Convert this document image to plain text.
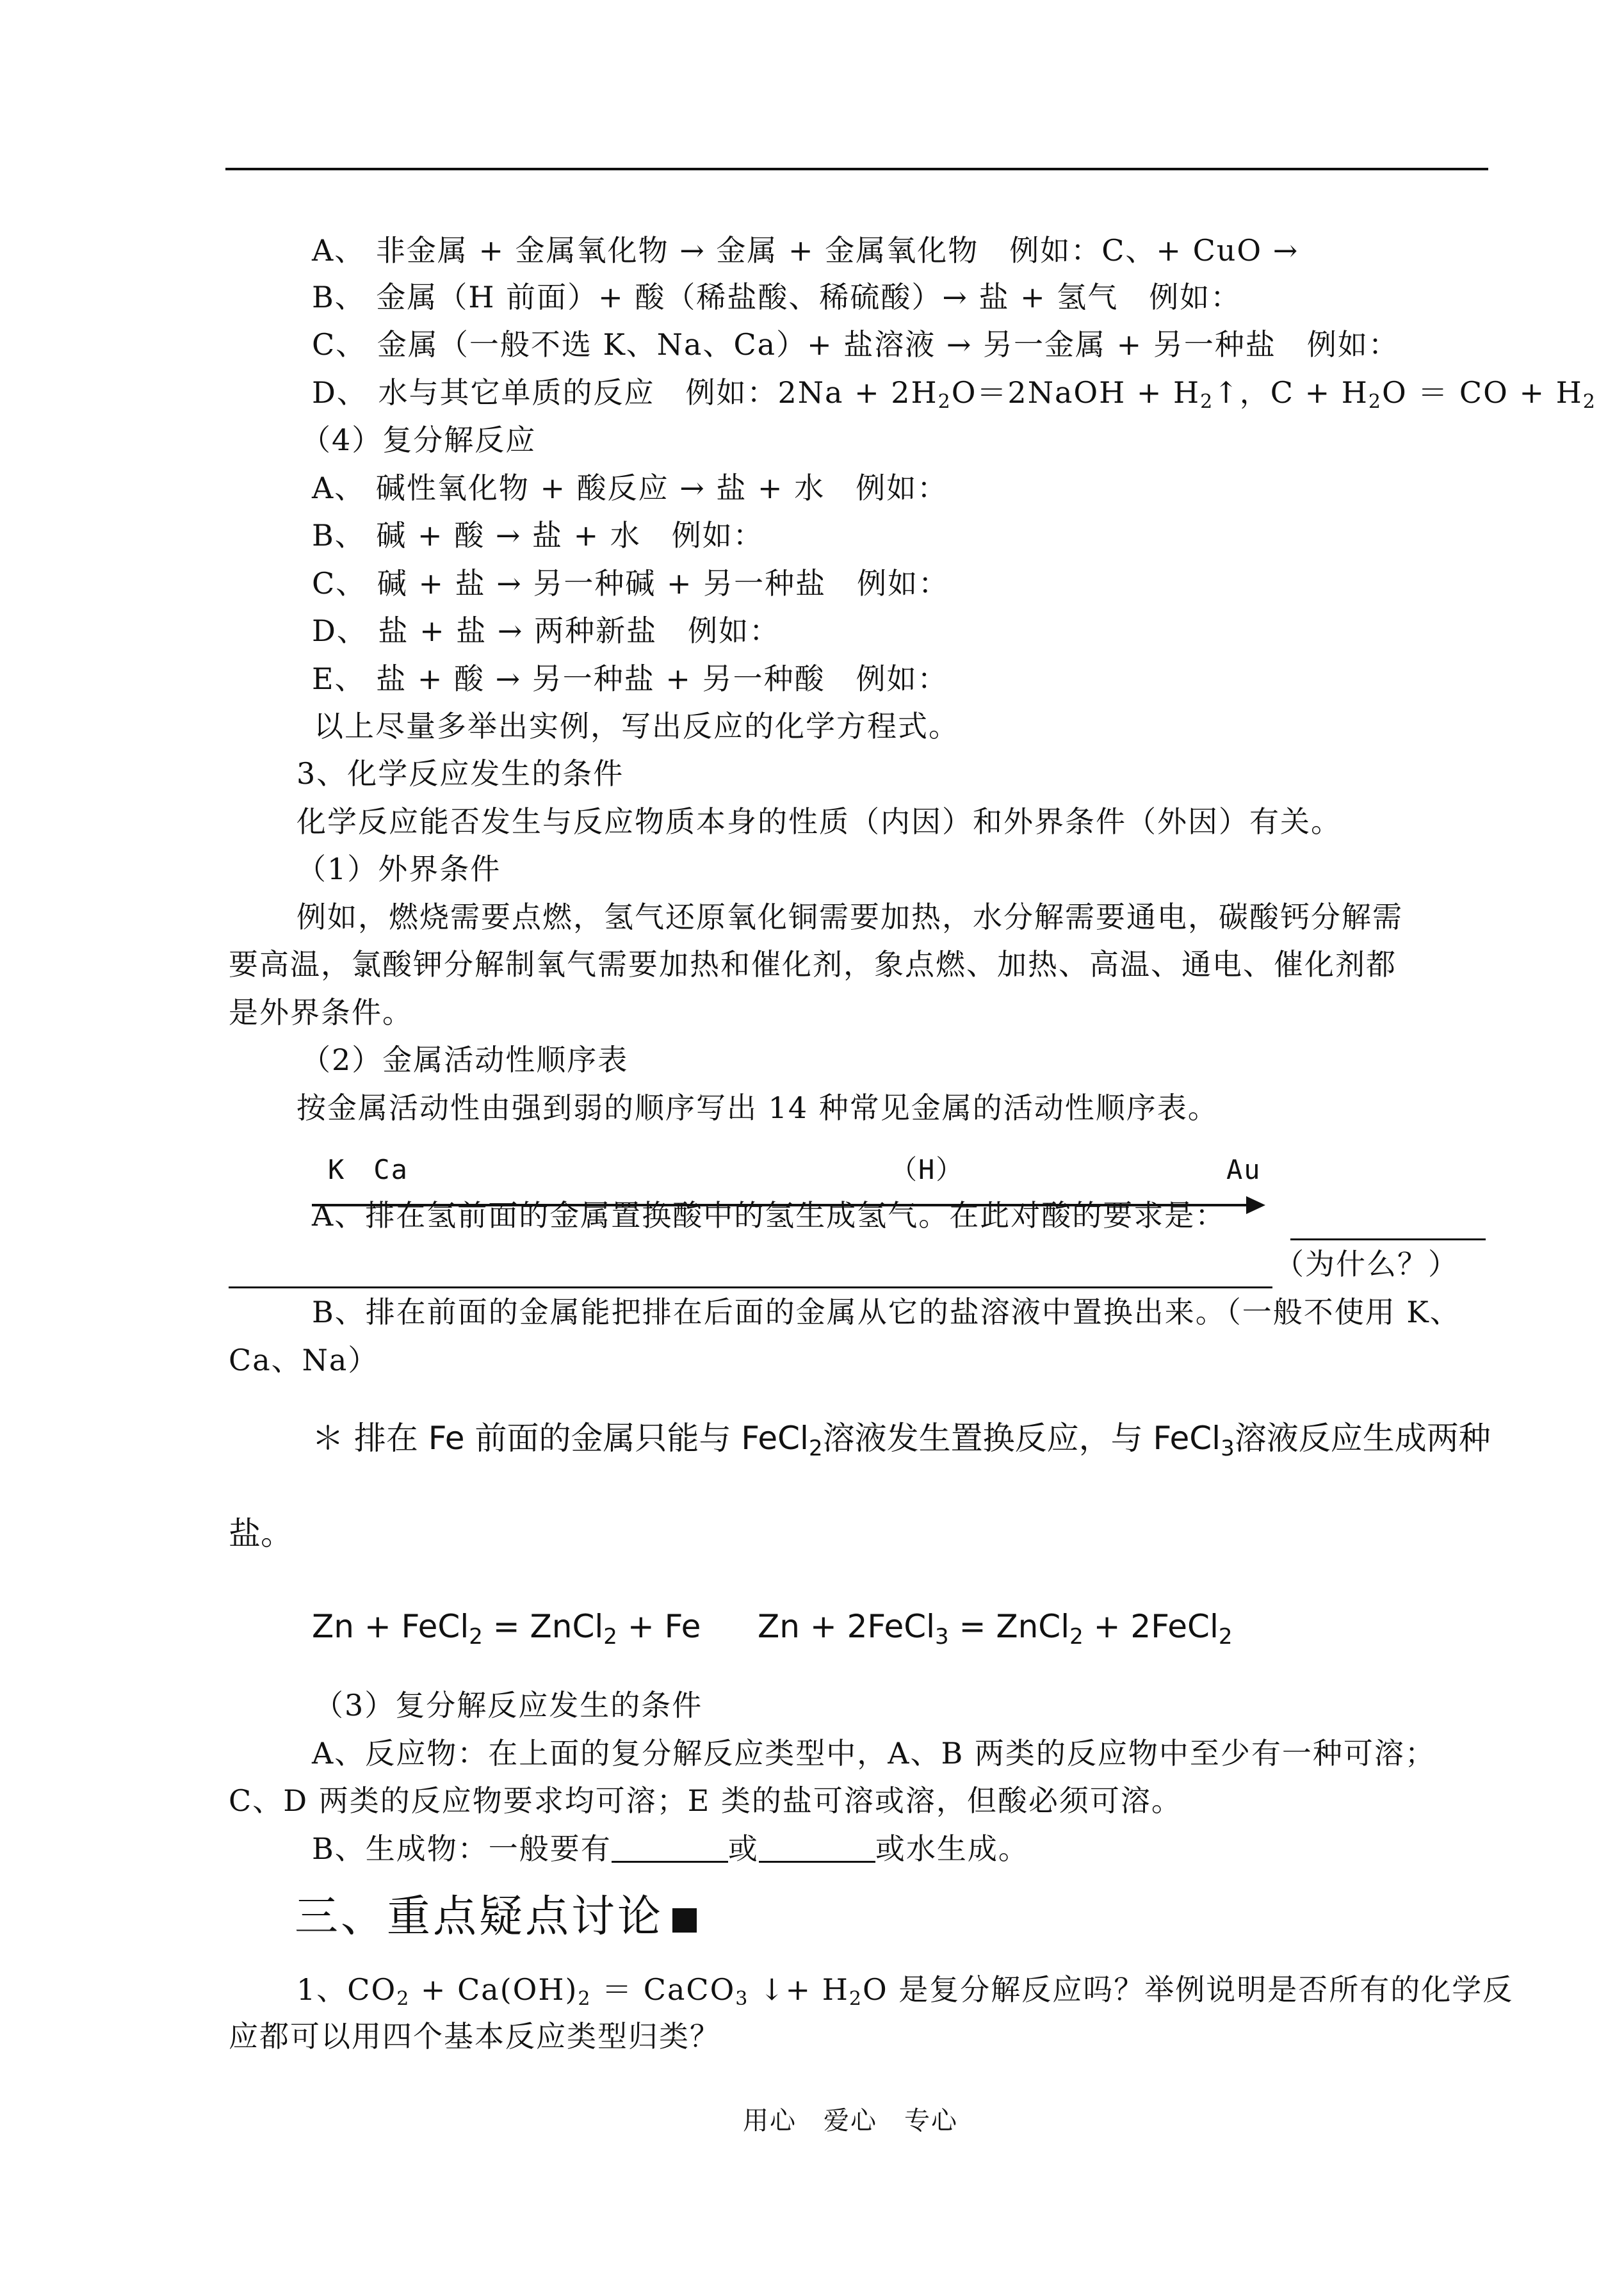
A、 非金属 + 金属氧化物 → 金属 + 金属氧化物　例如：C、+ CuO →
B、 金属（H 前面）+ 酸（稀盐酸、稀硫酸）→ 盐 + 氢气　例如：
C、 金属（一般不选 K、Na、Ca）+ 盐溶液 → 另一金属 + 另一种盐　例如：
D、 水与其它单质的反应　例如：$2Na + 2H_2O=2NaOH$ + $H_2↑$，$C + H_2O$ ＝ CO + $H_2$
（4）复分解反应
A、 碱性氧化物 + 酸反应 → 盐 + 水　例如：
B、 碱 + 酸 → 盐 + 水　例如：
C、 碱 + 盐 → 另一种碱 + 另一种盐　例如：
D、 盐 + 盐 → 两种新盐　例如：
E、 盐 + 酸 → 另一种盐 + 另一种酸　例如：
以上尽量多举出实例，写出反应的化学方程式。
3、化学反应发生的条件
化学反应能否发生与反应物质本身的性质（内因）和外界条件（外因）有关。
（1）外界条件
例如，燃烧需要点燃，氢气还原氧化铜需要加热，水分解需要通电，碳酸钙分解需
要高温，氯酸钾分解制氧气需要加热和催化剂，象点燃、加热、高温、通电、催化剂都
是外界条件。
（2）金属活动性顺序表
按金属活动性由强到弱的顺序写出 14 种常见金属的活动性顺序表。
K　Ca	（H）	Au
A、排在氢前面的金属置换酸中的氢生成氢气。在此对酸的要求是：
（为什么？）
B、排在前面的金属能把排在后面的金属从它的盐溶液中置换出来。（一般不使用 K、
Ca、Na）
＊ 排在 Fe 前面的金属只能与 FeCl$_2$溶液发生置换反应，与 FeCl$_3$溶液反应生成两种
盐。
Zn + FeCl$_2$ = ZnCl$_2$ + Fe Zn + 2FeCl$_3$ = ZnCl$_2$ + 2FeCl$_2$
（3）复分解反应发生的条件
A、反应物：在上面的复分解反应类型中，A、B 两类的反应物中至少有一种可溶；
C、D 两类的反应物要求均可溶；E 类的盐可溶或溶，但酸必须可溶。
B、生成物：一般要有	或	或水生成。
三、重点疑点讨论
1、$CO_2 + Ca(OH)_2$ ＝ CaCO$_3$ ↓+ $H_2O$ 是复分解反应吗？举例说明是否所有的化学反
应都可以用四个基本反应类型归类？
用心　爱心　专心
